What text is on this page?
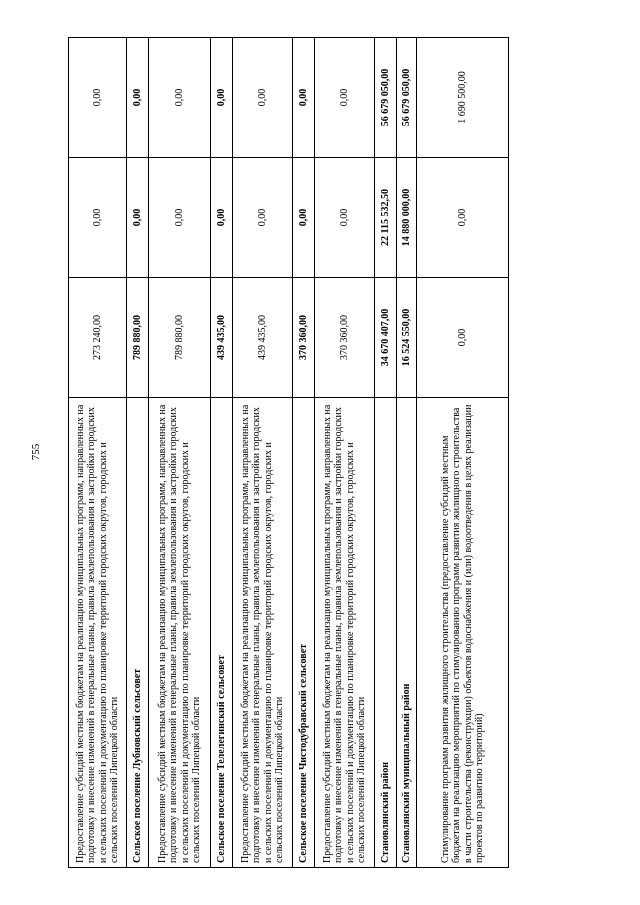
755	Предоставление субсидий местным бюджетам на реализацию муниципальных программ, направленных на подготовку и внесение изменений в генеральные планы, правила землепользования и застройки городских и сельских поселений и документацию по планировке территорий городских округов, городских и сельских поселений Липецкой области	273 240,00	0,00	0,00
Сельское поселение Лубновский сельсовет	789 880,00	0,00	0,00
Предоставление субсидий местным бюджетам на реализацию муниципальных программ, направленных на подготовку и внесение изменений в генеральные планы, правила землепользования и застройки городских и сельских поселений и документацию по планировке территорий городских округов, городских и сельских поселений Липецкой области	789 880,00	0,00	0,00
Сельское поселение Телелегинский сельсовет	439 435,00	0,00	0,00
Предоставление субсидий местным бюджетам на реализацию муниципальных программ, направленных на подготовку и внесение изменений в генеральные планы, правила землепользования и застройки городских и сельских поселений и документацию по планировке территорий городских округов, городских и сельских поселений Липецкой области	439 435,00	0,00	0,00
Сельское поселение Чистодубравский сельсовет	370 360,00	0,00	0,00
Предоставление субсидий местным бюджетам на реализацию муниципальных программ, направленных на подготовку и внесение изменений в генеральные планы, правила землепользования и застройки городских и сельских поселений и документацию по планировке территорий городских округов, городских и сельских поселений Липецкой области	370 360,00	0,00	0,00
Становлянский район	34 670 407,00	22 115 532,50	56 679 050,00
Становлянский муниципальный район	16 524 550,00	14 880 000,00	56 679 050,00
Стимулирование программ развития жилищного строительства (предоставление субсидий местным бюджетам на реализацию мероприятий по стимулированию программ развития жилищного строительства в части строительства (реконструкции) объектов водоснабжения и (или) водоотведения в целях реализации проектов по развитию территорий)	0,00	0,00	1 690 500,00
